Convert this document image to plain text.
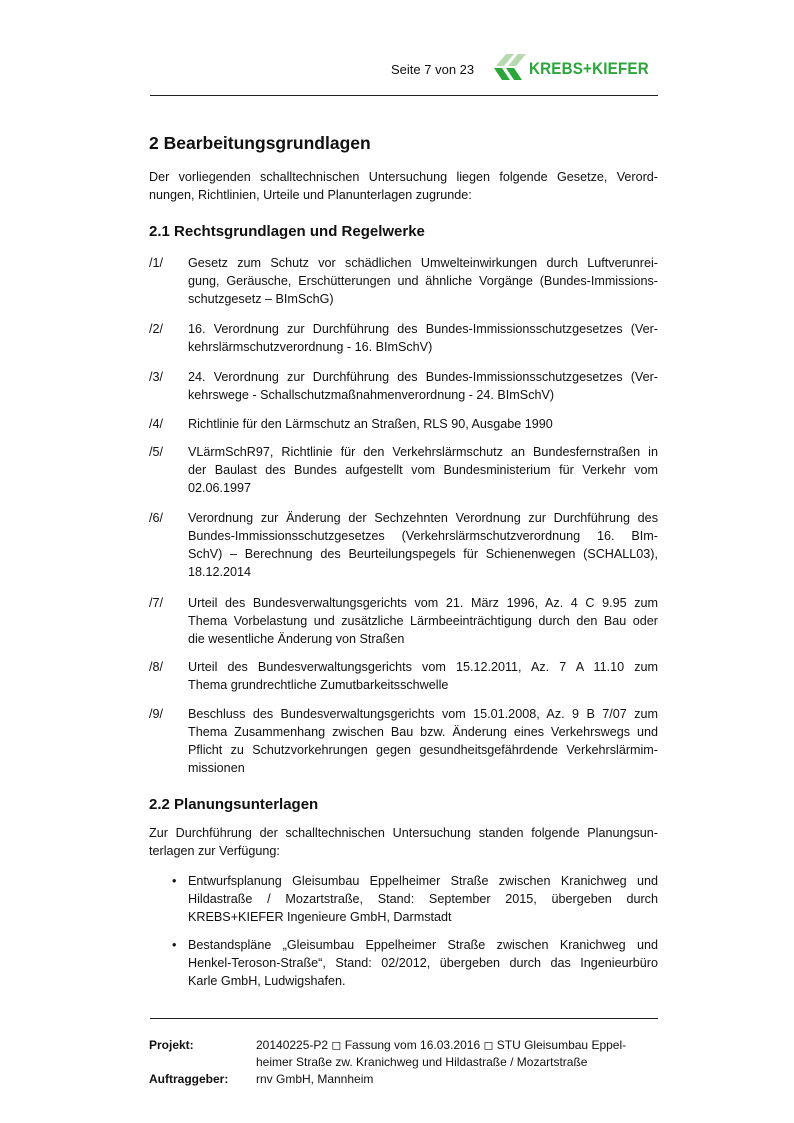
Seite 7 von 23	KREBS+KIEFER
2 Bearbeitungsgrundlagen
Der vorliegenden schalltechnischen Untersuchung liegen folgende Gesetze, Verord-
nungen, Richtlinien, Urteile und Planunterlagen zugrunde:
2.1 Rechtsgrundlagen und Regelwerke
/1/ Gesetz zum Schutz vor schädlichen Umwelteinwirkungen durch Luftverunrei-
gung, Geräusche, Erschütterungen und ähnliche Vorgänge (Bundes-Immissions-
schutzgesetz – BImSchG)
/2/ 16. Verordnung zur Durchführung des Bundes-Immissionsschutzgesetzes (Ver-
kehrslärmschutzverordnung - 16. BImSchV)
/3/ 24. Verordnung zur Durchführung des Bundes-Immissionsschutzgesetzes (Ver-
kehrswege - Schallschutzmaßnahmenverordnung - 24. BImSchV)
/4/ Richtlinie für den Lärmschutz an Straßen, RLS 90, Ausgabe 1990
/5/ VLärmSchR97, Richtlinie für den Verkehrslärmschutz an Bundesfernstraßen in
der Baulast des Bundes aufgestellt vom Bundesministerium für Verkehr vom
02.06.1997
/6/ Verordnung zur Änderung der Sechzehnten Verordnung zur Durchführung des
Bundes-Immissionsschutzgesetzes (Verkehrslärmschutzverordnung 16. BIm-
SchV) – Berechnung des Beurteilungspegels für Schienenwegen (SCHALL03),
18.12.2014
/7/ Urteil des Bundesverwaltungsgerichts vom 21. März 1996, Az. 4 C 9.95 zum
Thema Vorbelastung und zusätzliche Lärmbeeinträchtigung durch den Bau oder
die wesentliche Änderung von Straßen
/8/ Urteil des Bundesverwaltungsgerichts vom 15.12.2011, Az. 7 A 11.10 zum
Thema grundrechtliche Zumutbarkeitsschwelle
/9/ Beschluss des Bundesverwaltungsgerichts vom 15.01.2008, Az. 9 B 7/07 zum
Thema Zusammenhang zwischen Bau bzw. Änderung eines Verkehrswegs und
Pflicht zu Schutzvorkehrungen gegen gesundheitsgefährdende Verkehrslärmim-
missionen
2.2 Planungsunterlagen
Zur Durchführung der schalltechnischen Untersuchung standen folgende Planungsun-
terlagen zur Verfügung:
• Entwurfsplanung Gleisumbau Eppelheimer Straße zwischen Kranichweg und
Hildastraße / Mozartstraße, Stand: September 2015, übergeben durch
KREBS+KIEFER Ingenieure GmbH, Darmstadt
• Bestandspläne „Gleisumbau Eppelheimer Straße zwischen Kranichweg und
Henkel-Teroson-Straße“, Stand: 02/2012, übergeben durch das Ingenieurbüro
Karle GmbH, Ludwigshafen.
Projekt:	20140225-P2 ◻ Fassung vom 16.03.2016 ◻ STU Gleisumbau Eppel-
heimer Straße zw. Kranichweg und Hildastraße / Mozartstraße
Auftraggeber: rnv GmbH, Mannheim
